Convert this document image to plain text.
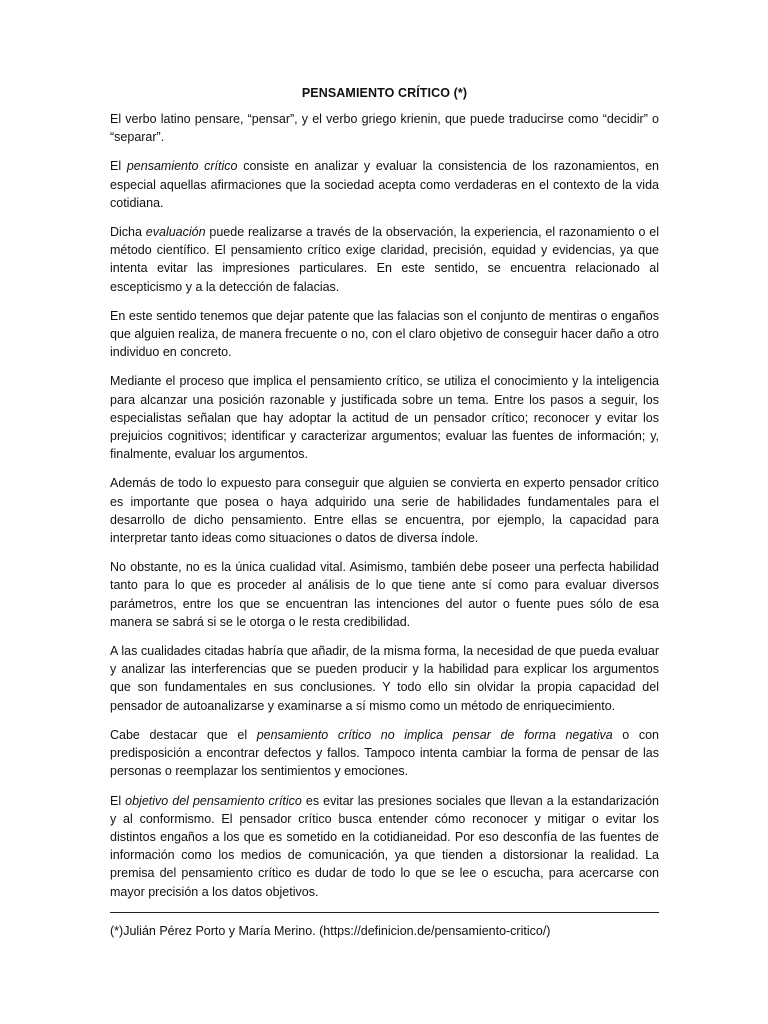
PENSAMIENTO CRÍTICO (*)

El verbo latino pensare, “pensar”, y el verbo griego krienin, que puede traducirse como “decidir” o “separar”.

El pensamiento crítico consiste en analizar y evaluar la consistencia de los razonamientos, en especial aquellas afirmaciones que la sociedad acepta como verdaderas en el contexto de la vida cotidiana.

Dicha evaluación puede realizarse a través de la observación, la experiencia, el razonamiento o el método científico. El pensamiento crítico exige claridad, precisión, equidad y evidencias, ya que intenta evitar las impresiones particulares. En este sentido, se encuentra relacionado al escepticismo y a la detección de falacias.

En este sentido tenemos que dejar patente que las falacias son el conjunto de mentiras o engaños que alguien realiza, de manera frecuente o no, con el claro objetivo de conseguir hacer daño a otro individuo en concreto.

Mediante el proceso que implica el pensamiento crítico, se utiliza el conocimiento y la inteligencia para alcanzar una posición razonable y justificada sobre un tema. Entre los pasos a seguir, los especialistas señalan que hay adoptar la actitud de un pensador crítico; reconocer y evitar los prejuicios cognitivos; identificar y caracterizar argumentos; evaluar las fuentes de información; y, finalmente, evaluar los argumentos.

Además de todo lo expuesto para conseguir que alguien se convierta en experto pensador crítico es importante que posea o haya adquirido una serie de habilidades fundamentales para el desarrollo de dicho pensamiento. Entre ellas se encuentra, por ejemplo, la capacidad para interpretar tanto ideas como situaciones o datos de diversa índole.

No obstante, no es la única cualidad vital. Asimismo, también debe poseer una perfecta habilidad tanto para lo que es proceder al análisis de lo que tiene ante sí como para evaluar diversos parámetros, entre los que se encuentran las intenciones del autor o fuente pues sólo de esa manera se sabrá si se le otorga o le resta credibilidad.

A las cualidades citadas habría que añadir, de la misma forma, la necesidad de que pueda evaluar y analizar las interferencias que se pueden producir y la habilidad para explicar los argumentos que son fundamentales en sus conclusiones. Y todo ello sin olvidar la propia capacidad del pensador de autoanalizarse y examinarse a sí mismo como un método de enriquecimiento.

Cabe destacar que el pensamiento crítico no implica pensar de forma negativa o con predisposición a encontrar defectos y fallos. Tampoco intenta cambiar la forma de pensar de las personas o reemplazar los sentimientos y emociones.

El objetivo del pensamiento crítico es evitar las presiones sociales que llevan a la estandarización y al conformismo. El pensador crítico busca entender cómo reconocer y mitigar o evitar los distintos engaños a los que es sometido en la cotidianeidad. Por eso desconfía de las fuentes de información como los medios de comunicación, ya que tienden a distorsionar la realidad. La premisa del pensamiento crítico es dudar de todo lo que se lee o escucha, para acercarse con mayor precisión a los datos objetivos.

(*)Julián Pérez Porto y María Merino. (https://definicion.de/pensamiento-critico/)
